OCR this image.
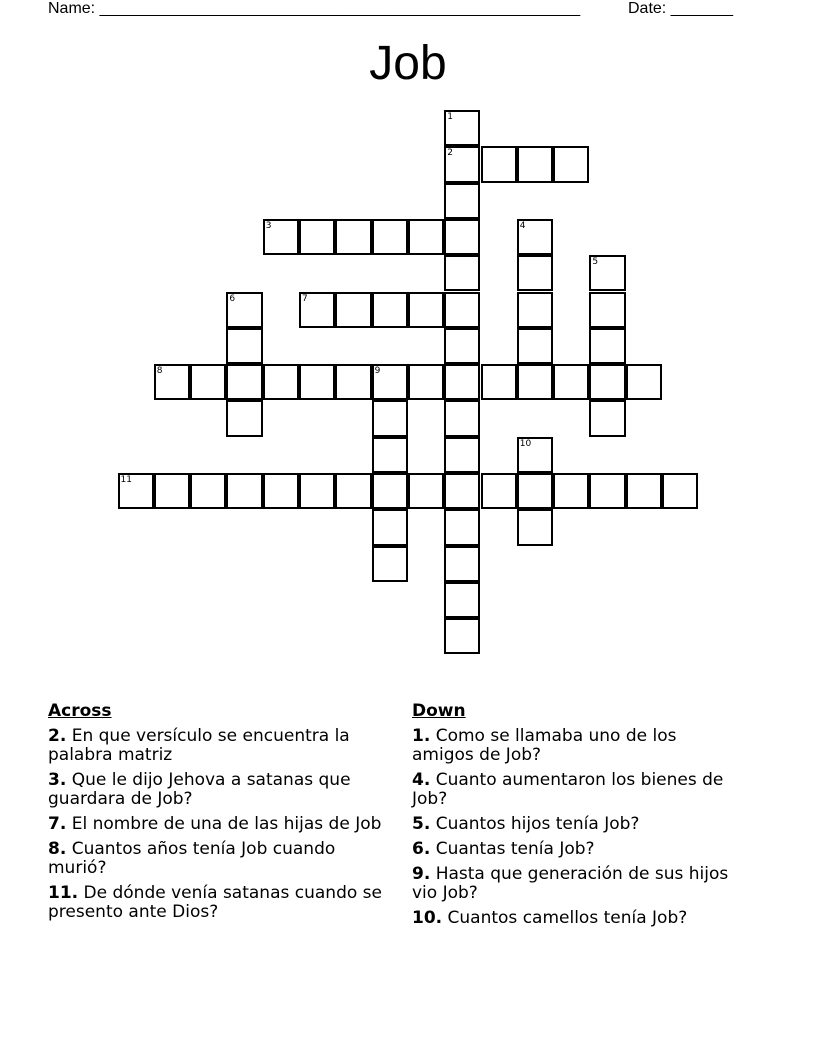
Name: ______________________________________________________	Date: _______
Job
1
2
3	4
5
6	7
8	9
10
11
Across
2. En que versículo se encuentra la palabra matriz
3. Que le dijo Jehova a satanas que guardara de Job?
7. El nombre de una de las hijas de Job
8. Cuantos años tenía Job cuando murió?
11. De dónde venía satanas cuando se presento ante Dios?
Down
1. Como se llamaba uno de los amigos de Job?
4. Cuanto aumentaron los bienes de Job?
5. Cuantos hijos tenía Job?
6. Cuantas tenía Job?
9. Hasta que generación de sus hijos vio Job?
10. Cuantos camellos tenía Job?
